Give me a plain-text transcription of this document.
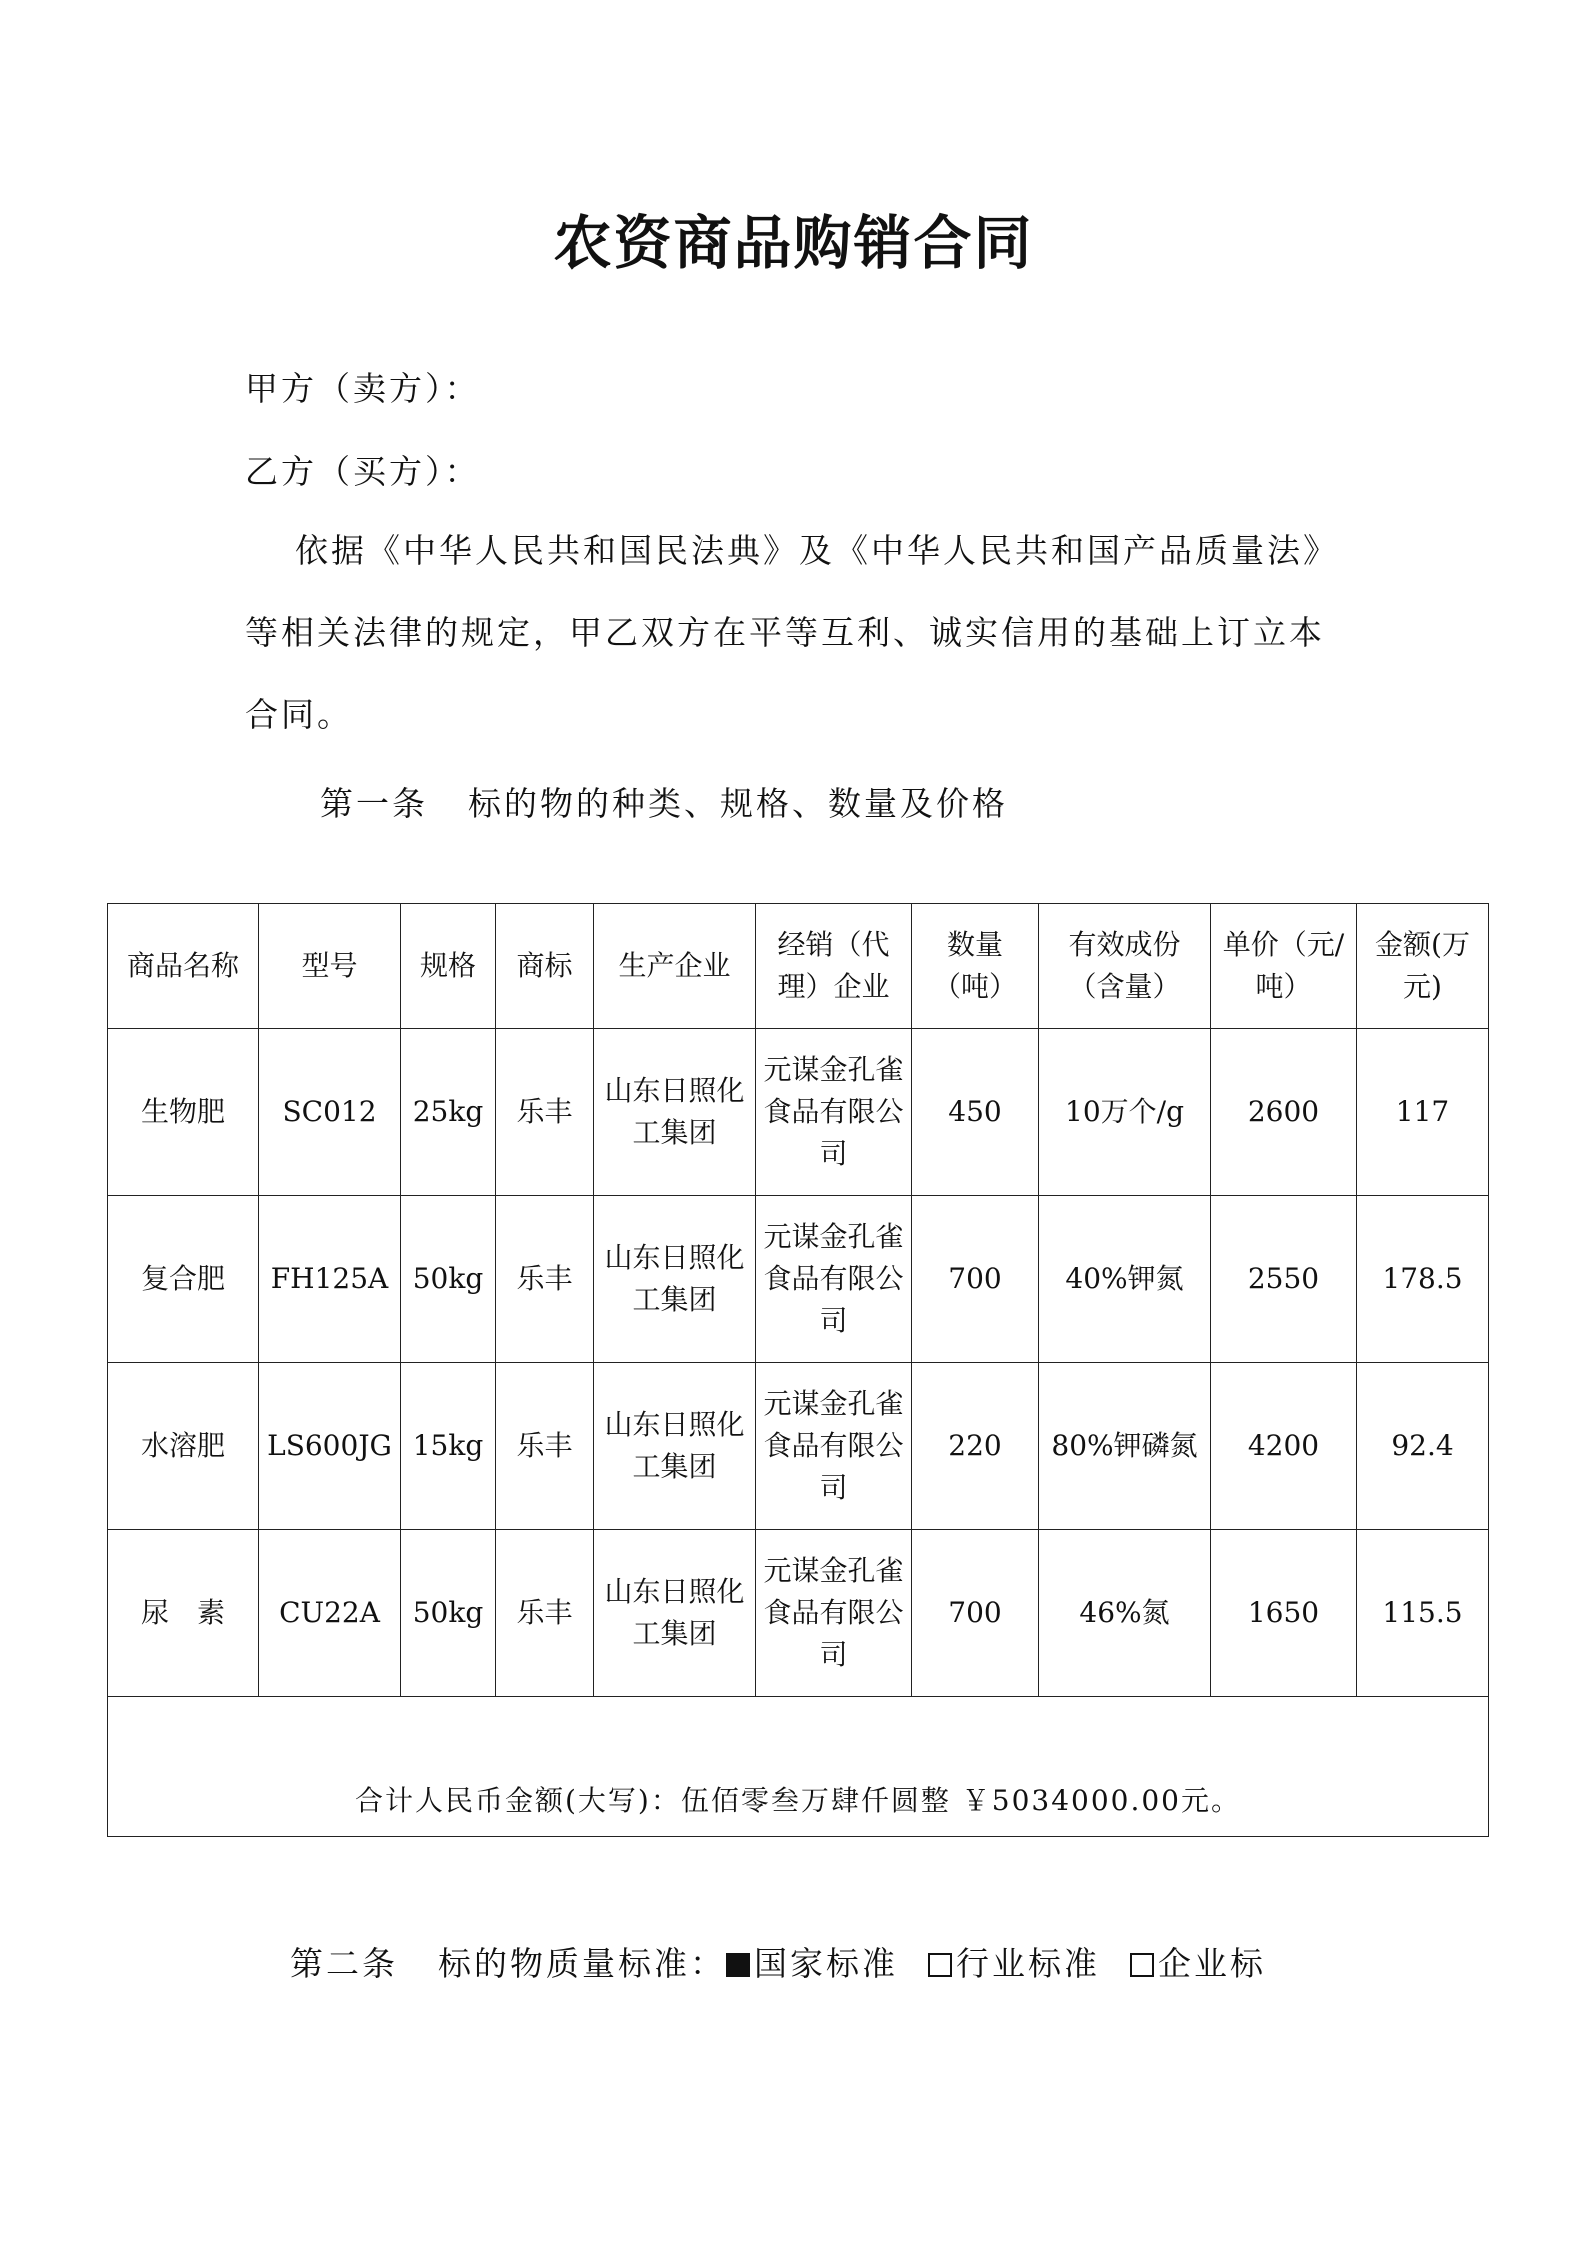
农资商品购销合同
甲方（卖方）：
乙方（买方）：
依据《中华人民共和国民法典》及《中华人民共和国产品质量法》等相关法律的规定，甲乙双方在平等互利、诚实信用的基础上订立本合同。
第一条 标的物的种类、规格、数量及价格
商品名称	型号	规格	商标	生产企业	经销（代理）企业	数量（吨）	有效成份（含量）	单价（元/吨）	金额(万元)
生物肥	SC012	25kg	乐丰	山东日照化工集团	元谋金孔雀食品有限公司	450	10万个/g	2600	117
复合肥	FH125A	50kg	乐丰	山东日照化工集团	元谋金孔雀食品有限公司	700	40%钾氮	2550	178.5
水溶肥	LS600JG	15kg	乐丰	山东日照化工集团	元谋金孔雀食品有限公司	220	80%钾磷氮	4200	92.4
尿　素	CU22A	50kg	乐丰	山东日照化工集团	元谋金孔雀食品有限公司	700	46%氮	1650	115.5
合计人民币金额(大写)：伍佰零叁万肆仟圆整 ￥5034000.00元。									
第二条 标的物质量标准： 国家标准 行业标准 企业标
